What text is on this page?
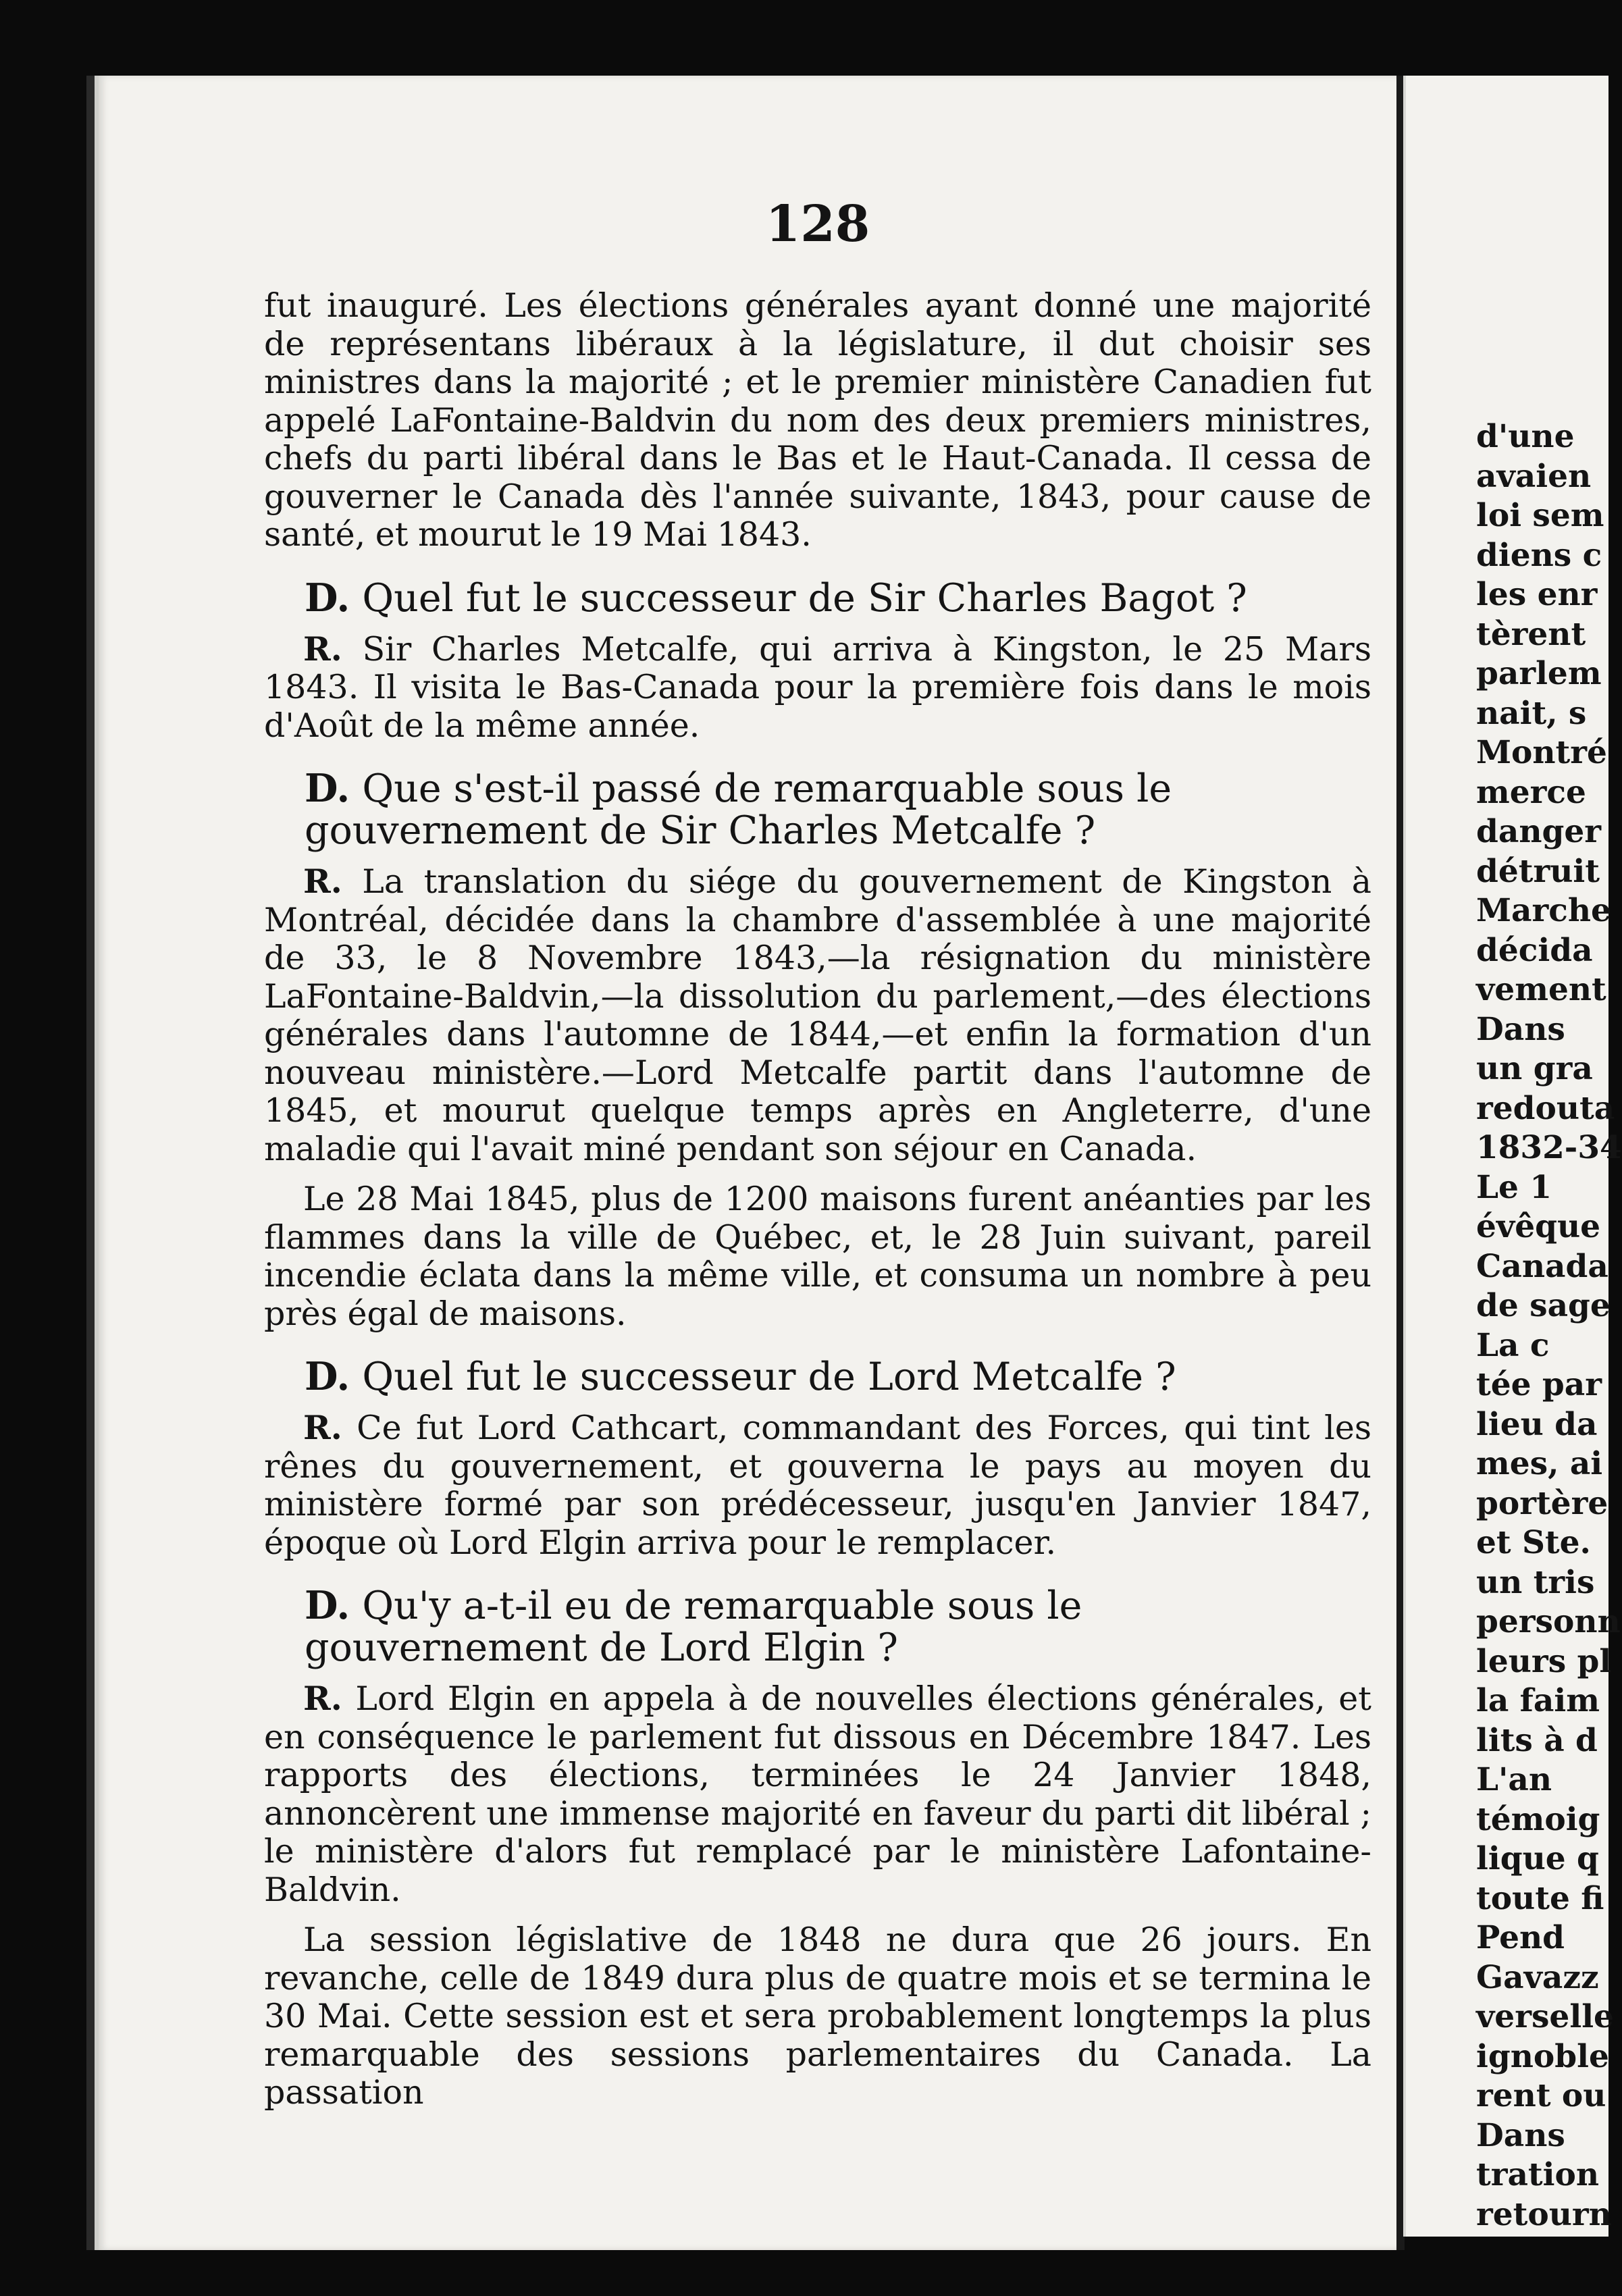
128

fut inauguré. Les élections générales ayant donné une majorité de représentans libéraux à la législature, il dut choisir ses ministres dans la majorité ; et le premier ministère Canadien fut appelé LaFontaine-Baldvin du nom des deux premiers ministres, chefs du parti libéral dans le Bas et le Haut-Canada. Il cessa de gouverner le Canada dès l'année suivante, 1843, pour cause de santé, et mourut le 19 Mai 1843.

D. Quel fut le successeur de Sir Charles Bagot ?

R. Sir Charles Metcalfe, qui arriva à Kingston, le 25 Mars 1843. Il visita le Bas-Canada pour la première fois dans le mois d'Août de la même année.

D. Que s'est-il passé de remarquable sous le gouvernement de Sir Charles Metcalfe ?

R. La translation du siége du gouvernement de Kingston à Montréal, décidée dans la chambre d'assemblée à une majorité de 33, le 8 Novembre 1843,—la résignation du ministère LaFontaine-Baldvin,—la dissolution du parlement,—des élections générales dans l'automne de 1844,—et enfin la formation d'un nouveau ministère.—Lord Metcalfe partit dans l'automne de 1845, et mourut quelque temps après en Angleterre, d'une maladie qui l'avait miné pendant son séjour en Canada.

Le 28 Mai 1845, plus de 1200 maisons furent anéanties par les flammes dans la ville de Québec, et, le 28 Juin suivant, pareil incendie éclata dans la même ville, et consuma un nombre à peu près égal de maisons.

D. Quel fut le successeur de Lord Metcalfe ?

R. Ce fut Lord Cathcart, commandant des Forces, qui tint les rênes du gouvernement, et gouverna le pays au moyen du ministère formé par son prédécesseur, jusqu'en Janvier 1847, époque où Lord Elgin arriva pour le remplacer.

D. Qu'y a-t-il eu de remarquable sous le gouvernement de Lord Elgin ?

R. Lord Elgin en appela à de nouvelles élections générales, et en conséquence le parlement fut dissous en Décembre 1847. Les rapports des élections, terminées le 24 Janvier 1848, annoncèrent une immense majorité en faveur du parti dit libéral ; le ministère d'alors fut remplacé par le ministère Lafontaine-Baldvin.

La session législative de 1848 ne dura que 26 jours. En revanche, celle de 1849 dura plus de quatre mois et se termina le 30 Mai. Cette session est et sera probablement longtemps la plus remarquable des sessions parlementaires du Canada. La passation

d'une
avaien
loi sem
diens c
les enr
tèrent
parlem
nait, s
Montré
merce
danger
détruit
Marche
décida
vement
Dans
un gra
redouta
1832-34
Le 1
évêque
Canada
de sage
La c
tée par
lieu da
mes, ai
portère
et Ste.
un tris
personn
leurs pl
la faim
lits à d
L'an
témoig
lique q
toute fi
Pend
Gavazz
verselle
ignoble
rent ou
Dans
tration
retourn
